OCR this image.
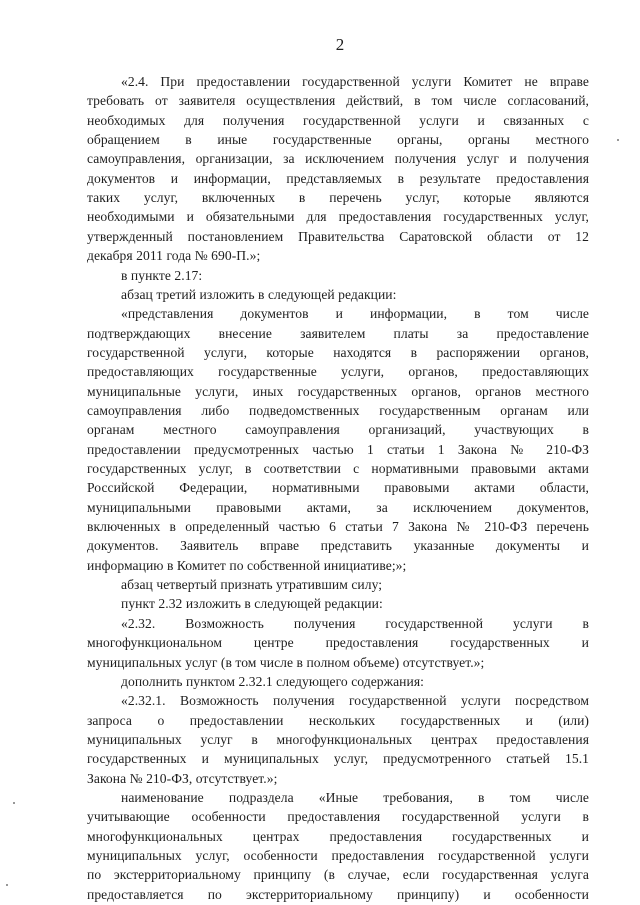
2
«2.4. При предоставлении государственной услуги Комитет не вправе
требовать от заявителя осуществления действий, в том числе согласований,
необходимых для получения государственной услуги и связанных с
обращением в иные государственные органы, органы местного
самоуправления, организации, за исключением получения услуг и получения
документов и информации, представляемых в результате предоставления
таких услуг, включенных в перечень услуг, которые являются
необходимыми и обязательными для предоставления государственных услуг,
утвержденный постановлением Правительства Саратовской области от 12
декабря 2011 года № 690-П.»;
в пункте 2.17:
абзац третий изложить в следующей редакции:
«представления документов и информации, в том числе
подтверждающих внесение заявителем платы за предоставление
государственной услуги, которые находятся в распоряжении органов,
предоставляющих государственные услуги, органов, предоставляющих
муниципальные услуги, иных государственных органов, органов местного
самоуправления либо подведомственных государственным органам или
органам местного самоуправления организаций, участвующих в
предоставлении предусмотренных частью 1 статьи 1 Закона № 210-ФЗ
государственных услуг, в соответствии с нормативными правовыми актами
Российской Федерации, нормативными правовыми актами области,
муниципальными правовыми актами, за исключением документов,
включенных в определенный частью 6 статьи 7 Закона № 210-ФЗ перечень
документов. Заявитель вправе представить указанные документы и
информацию в Комитет по собственной инициативе;»;
абзац четвертый признать утратившим силу;
пункт 2.32 изложить в следующей редакции:
«2.32. Возможность получения государственной услуги в
многофункциональном центре предоставления государственных и
муниципальных услуг (в том числе в полном объеме) отсутствует.»;
дополнить пунктом 2.32.1 следующего содержания:
«2.32.1. Возможность получения государственной услуги посредством
запроса о предоставлении нескольких государственных и (или)
муниципальных услуг в многофункциональных центрах предоставления
государственных и муниципальных услуг, предусмотренного статьей 15.1
Закона № 210-ФЗ, отсутствует.»;
наименование подраздела «Иные требования, в том числе
учитывающие особенности предоставления государственной услуги в
многофункциональных центрах предоставления государственных и
муниципальных услуг, особенности предоставления государственной услуги
по экстерриториальному принципу (в случае, если государственная услуга
предоставляется по экстерриториальному принципу) и особенности
